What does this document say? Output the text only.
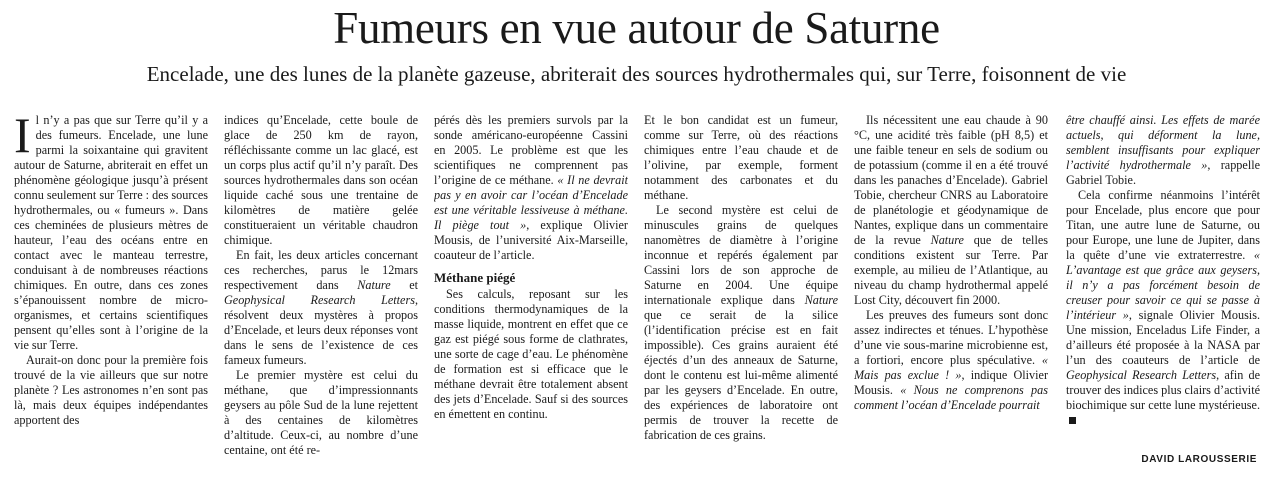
Fumeurs en vue autour de Saturne
Encelade, une des lunes de la planète gazeuse, abriterait des sources hydrothermales qui, sur Terre, foisonnent de vie

Il n’y a pas que sur Terre qu’il y a des fumeurs. Encelade, une lune parmi la soixantaine qui gravitent autour de Saturne, abriterait en effet un phénomène géologique jusqu’à présent connu seulement sur Terre : des sources hydrothermales, ou « fumeurs ». Dans ces cheminées de plusieurs mètres de hauteur, l’eau des océans entre en contact avec le manteau terrestre, conduisant à de nombreuses réactions chimiques. En outre, dans ces zones s’épanouissent nombre de micro-organismes, et certains scientifiques pensent qu’elles sont à l’origine de la vie sur Terre.

Aurait-on donc pour la première fois trouvé de la vie ailleurs que sur notre planète ? Les astronomes n’en sont pas là, mais deux équipes indépendantes apportent des

indices qu’Encelade, cette boule de glace de 250 km de rayon, réfléchissante comme un lac glacé, est un corps plus actif qu’il n’y paraît. Des sources hydrothermales dans son océan liquide caché sous une trentaine de kilomètres de matière gelée constitueraient un véritable chaudron chimique.

En fait, les deux articles concernant ces recherches, parus le 12mars respectivement dans Nature et Geophysical Research Letters, résolvent deux mystères à propos d’Encelade, et leurs deux réponses vont dans le sens de l’existence de ces fameux fumeurs.

Le premier mystère est celui du méthane, que d’impressionnants geysers au pôle Sud de la lune rejettent à des centaines de kilomètres d’altitude. Ceux-ci, au nombre d’une centaine, ont été re-

pérés dès les premiers survols par la sonde américano-européenne Cassini en 2005. Le problème est que les scientifiques ne comprennent pas l’origine de ce méthane. « Il ne devrait pas y en avoir car l’océan d’Encelade est une véritable lessiveuse à méthane. Il piège tout », explique Olivier Mousis, de l’université Aix-Marseille, coauteur de l’article.

Méthane piégé

Ses calculs, reposant sur les conditions thermodynamiques de la masse liquide, montrent en effet que ce gaz est piégé sous forme de clathrates, une sorte de cage d’eau. Le phénomène de formation est si efficace que le méthane devrait être totalement absent des jets d’Encelade. Sauf si des sources en émettent en continu.

Et le bon candidat est un fumeur, comme sur Terre, où des réactions chimiques entre l’eau chaude et de l’olivine, par exemple, forment notamment des carbonates et du méthane.

Le second mystère est celui de minuscules grains de quelques nanomètres de diamètre à l’origine inconnue et repérés également par Cassini lors de son approche de Saturne en 2004. Une équipe internationale explique dans Nature que ce serait de la silice (l’identification précise est en fait impossible). Ces grains auraient été éjectés d’un des anneaux de Saturne, dont le contenu est lui-même alimenté par les geysers d’Encelade. En outre, des expériences de laboratoire ont permis de trouver la recette de fabrication de ces grains.

Ils nécessitent une eau chaude à 90 °C, une acidité très faible (pH 8,5) et une faible teneur en sels de sodium ou de potassium (comme il en a été trouvé dans les panaches d’Encelade). Gabriel Tobie, chercheur CNRS au Laboratoire de planétologie et géodynamique de Nantes, explique dans un commentaire de la revue Nature que de telles conditions existent sur Terre. Par exemple, au milieu de l’Atlantique, au niveau du champ hydrothermal appelé Lost City, découvert fin 2000.

Les preuves des fumeurs sont donc assez indirectes et ténues. L’hypothèse d’une vie sous-marine microbienne est, a fortiori, encore plus spéculative. « Mais pas exclue ! », indique Olivier Mousis. « Nous ne comprenons pas comment l’océan d’Encelade pourrait

être chauffé ainsi. Les effets de marée actuels, qui déforment la lune, semblent insuffisants pour expliquer l’activité hydrothermale », rappelle Gabriel Tobie.

Cela confirme néanmoins l’intérêt pour Encelade, plus encore que pour Titan, une autre lune de Saturne, ou pour Europe, une lune de Jupiter, dans la quête d’une vie extraterrestre. « L’avantage est que grâce aux geysers, il n’y a pas forcément besoin de creuser pour savoir ce qui se passe à l’intérieur », signale Olivier Mousis. Une mission, Enceladus Life Finder, a d’ailleurs été proposée à la NASA par l’un des coauteurs de l’article de Geophysical Research Letters, afin de trouver des indices plus clairs d’activité biochimique sur cette lune mystérieuse.

DAVID LAROUSSERIE
